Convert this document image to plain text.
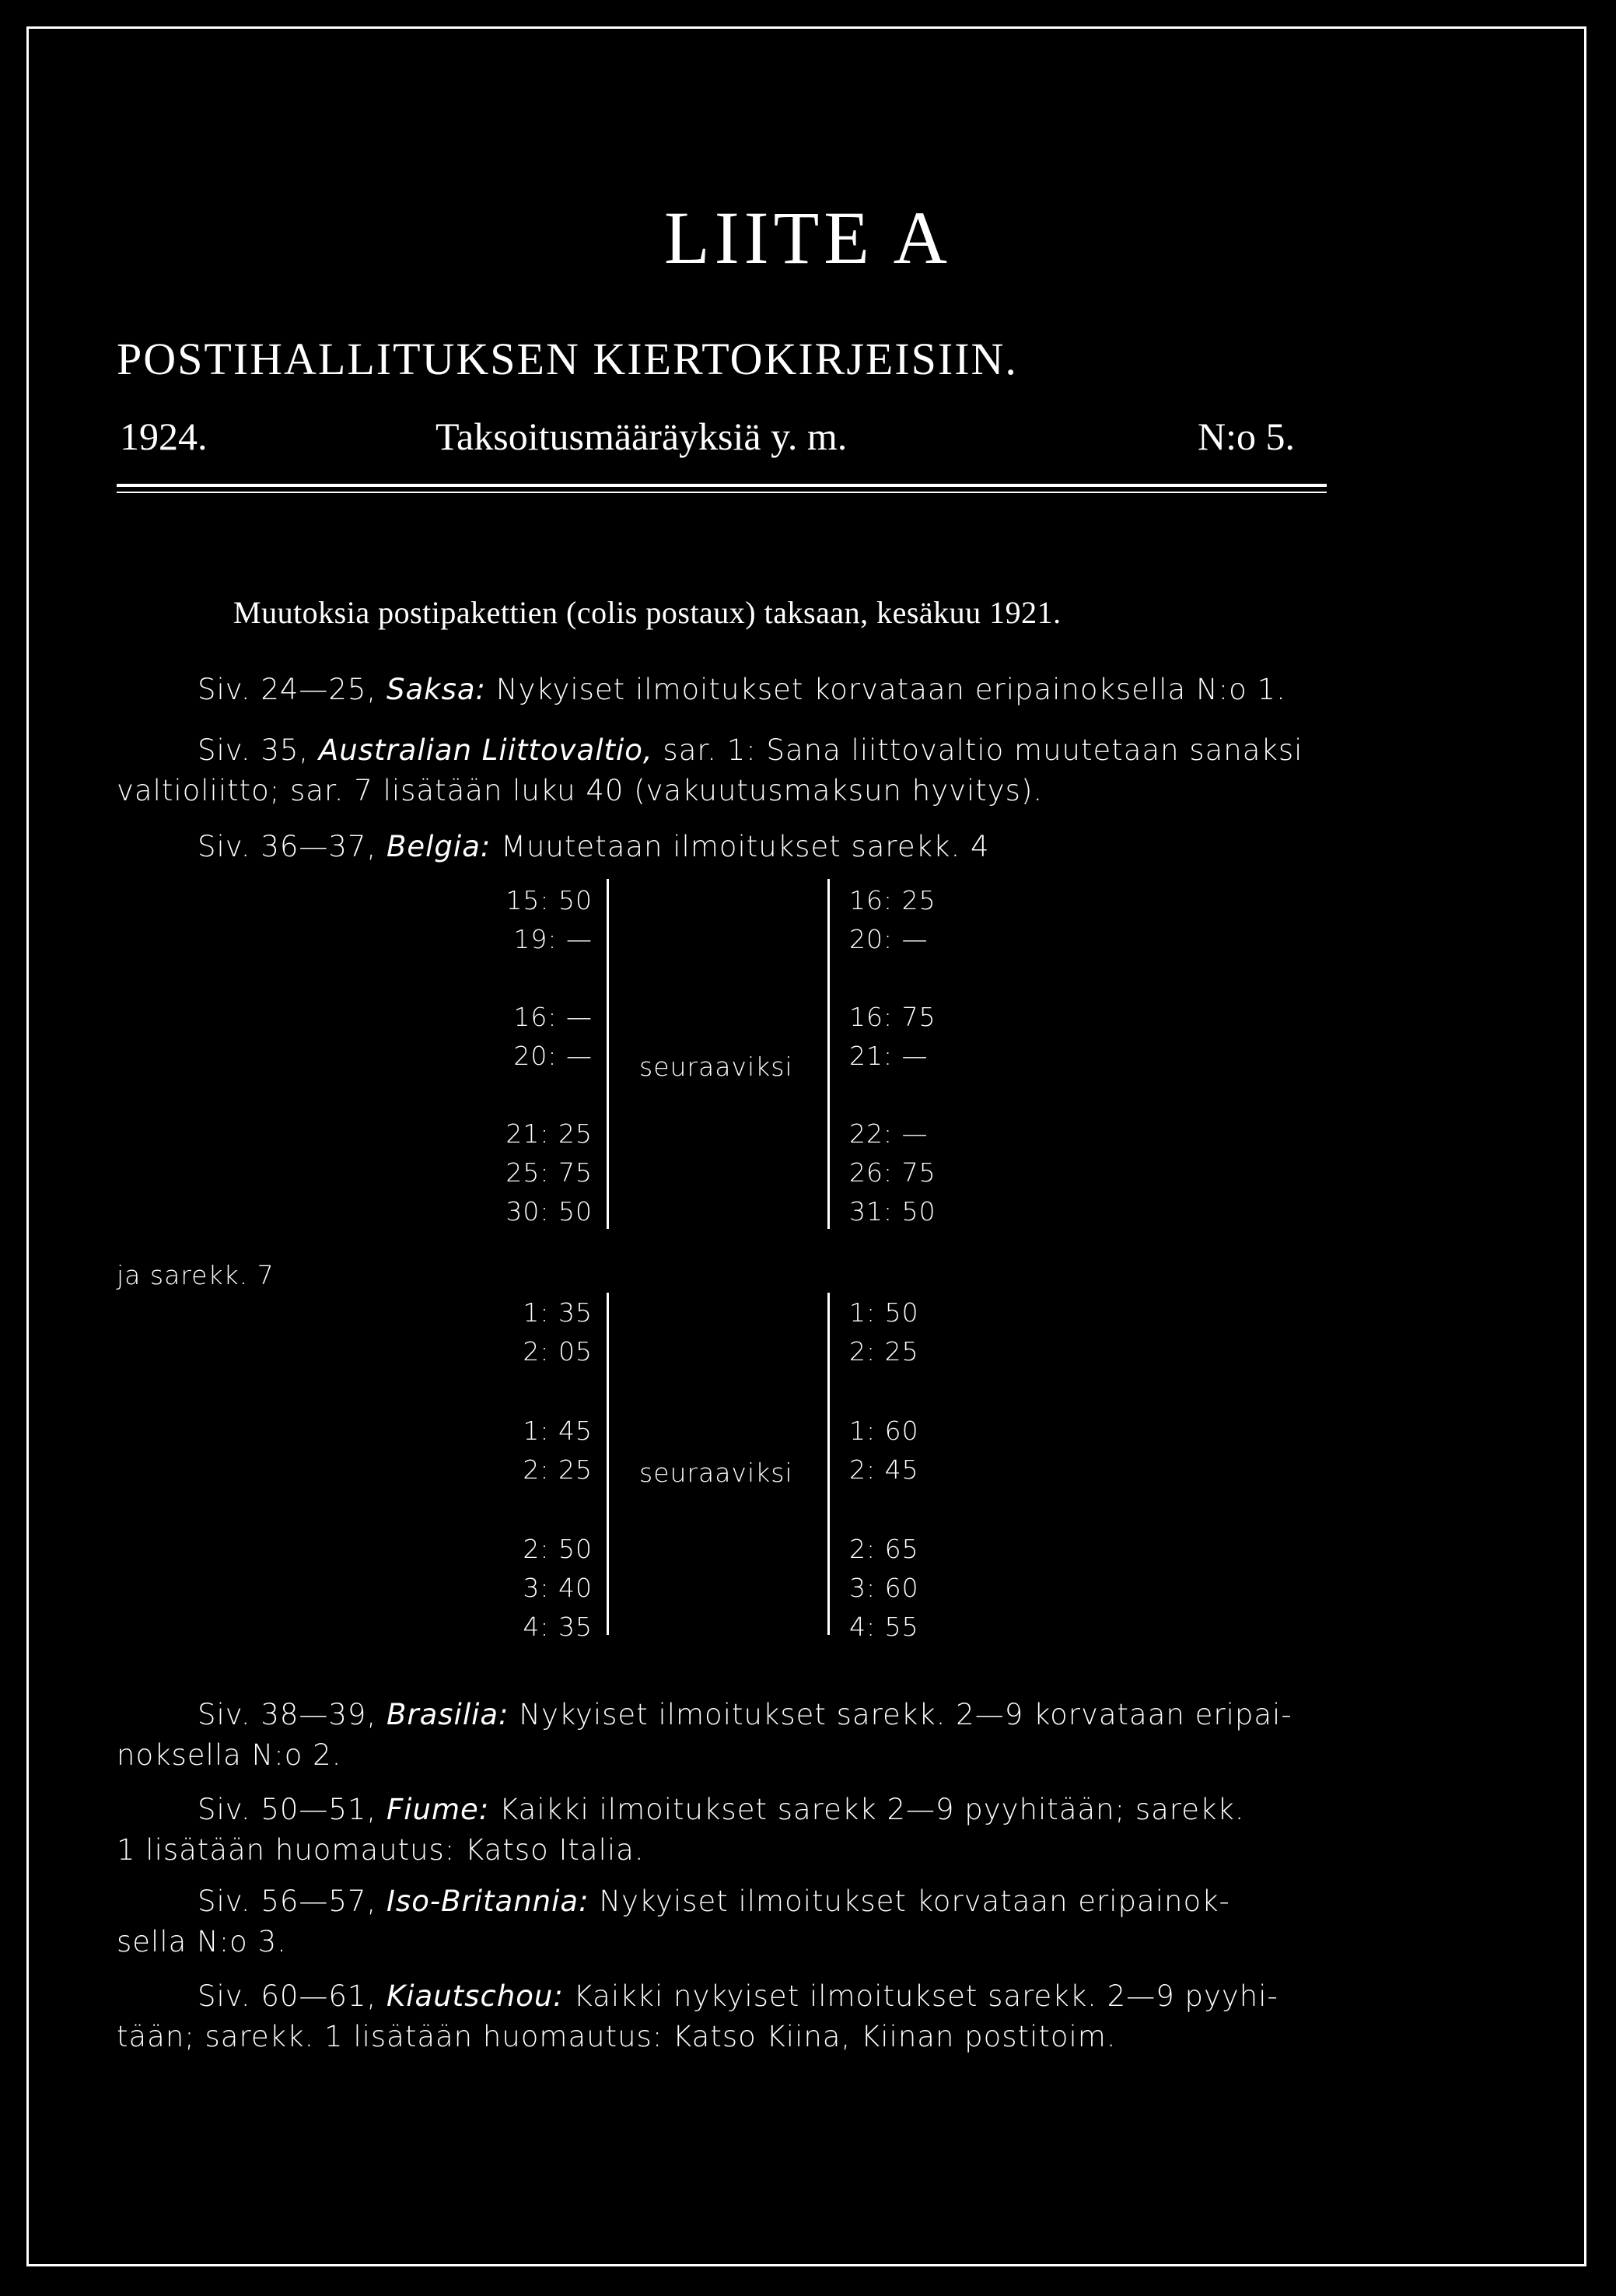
LIITE A
POSTIHALLITUKSEN KIERTOKIRJEISIIN.
1924.	Taksoitusmääräyksiä y. m.	N:o 5.
Muutoksia postipakettien (colis postaux) taksaan, kesäkuu 1921.
Siv. 24—25, Saksa: Nykyiset ilmoitukset korvataan eripainoksella N:o 1.
Siv. 35, Australian Liittovaltio, sar. 1: Sana liittovaltio muutetaan sanaksi
valtioliitto; sar. 7 lisätään luku 40 (vakuutusmaksun hyvitys).
Siv. 36—37, Belgia: Muutetaan ilmoitukset sarekk. 4
15: 50
19: —
16: —
20: —
21: 25
25: 75
30: 50
16: 25
20: —
16: 75
21: —
22: —
26: 75
31: 50
seuraaviksi
ja sarekk. 7
1: 35
2: 05
1: 45
2: 25
2: 50
3: 40
4: 35
1: 50
2: 25
1: 60
2: 45
2: 65
3: 60
4: 55
seuraaviksi
Siv. 38—39, Brasilia: Nykyiset ilmoitukset sarekk. 2—9 korvataan eripai-
noksella N:o 2.
Siv. 50—51, Fiume: Kaikki ilmoitukset sarekk 2—9 pyyhitään; sarekk.
1 lisätään huomautus: Katso Italia.
Siv. 56—57, Iso-Britannia: Nykyiset ilmoitukset korvataan eripainok-
sella N:o 3.
Siv. 60—61, Kiautschou: Kaikki nykyiset ilmoitukset sarekk. 2—9 pyyhi-
tään; sarekk. 1 lisätään huomautus: Katso Kiina, Kiinan postitoim.
